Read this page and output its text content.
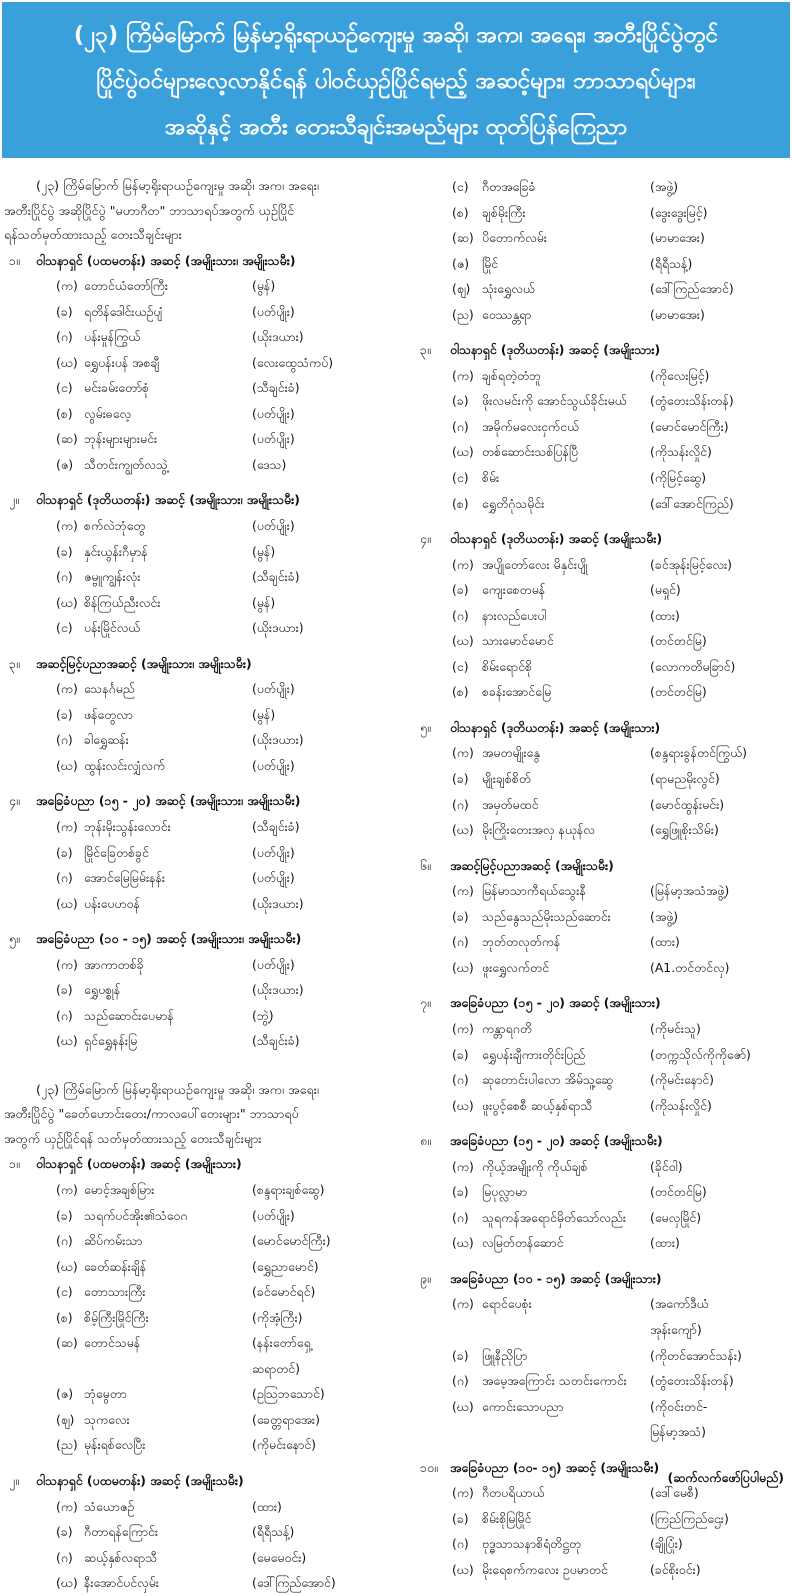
(၂၃) ကြိမ်မြောက် မြန်မာ့ရိုးရာယဉ်ကျေးမှု အဆို၊ အက၊ အရေး၊ အတီးပြိုင်ပွဲတွင်
ပြိုင်ပွဲဝင်များလေ့လာနိုင်ရန် ပါဝင်ယှဉ်ပြိုင်ရမည့် အဆင့်များ၊ ဘာသာရပ်များ၊
အဆိုနှင့် အတီး တေးသီချင်းအမည်များ ထုတ်ပြန်ကြေညာ
(၂၃) ကြိမ်မြောက် မြန်မာ့ရိုးရာယဉ်ကျေးမှု အဆို၊ အက၊ အရေး၊
အတီးပြိုင်ပွဲ အဆိုပြိုင်ပွဲ "မဟာဂီတ" ဘာသာရပ်အတွက် ယှဉ်ပြိုင်
ရန်သတ်မှတ်ထားသည့် တေးသီချင်းများ
၁။ ဝါသနာရှင် (ပထမတန်း) အဆင့် (အမျိုးသား၊ အမျိုးသမီး)
(က) တောင်ယံတော်ကြီး	(မွန်)
(ခ) ရတိန်ဒေါင်းယဉ်ပျံ	(ပတ်ပျိုး)
(ဂ) ပန်းမှုန်ကြွယ်	(ယိုးဒယား)
(ဃ) ရွှေပန်းပန် အစချီ	(လေးထွေသံကပ်)
(င) မင်းခမ်းတော်စုံ	(သီချင်းခံ)
(စ) လွမ်းဓလေ့	(ပတ်ပျိုး)
(ဆ) ဘုန်းများများမင်း	(ပတ်ပျိုး)
(ဇ) သီတင်းကျွတ်လသွဲ့	(ဒေသ)
၂။ ဝါသနာရှင် (ဒုတိယတန်း) အဆင့် (အမျိုးသား၊ အမျိုးသမီး)
(က) စက်လဲဘုံတွေ	(ပတ်ပျိုး)
(ခ) နှင်းယွန်းဂီမှာန်	(မွန်)
(ဂ) ဇမ္ဗူကျွန်းလုံး	(သီချင်းခံ)
(ဃ) စိန်ကြယ်ညီးလင်း	(မွန်)
(င) ပန်းမြိုင်လယ်	(ယိုးဒယား)
၃။ အဆင့်မြင့်ပညာအဆင့် (အမျိုးသား၊ အမျိုးသမီး)
(က) သေနင်္ဂမည်	(ပတ်ပျိုး)
(ခ) ဖန်တွေလာ	(မွန်)
(ဂ) ခါရွှေဆန်း	(ယိုးဒယား)
(ဃ) ထွန်းလင်းလျှံလက်	(ပတ်ပျိုး)
၄။ အခြေခံပညာ (၁၅ - ၂၀) အဆင့် (အမျိုးသား၊ အမျိုးသမီး)
(က) ဘုန်းမိုးသွန်းလောင်း	(သီချင်းခံ)
(ခ) မြိုင်ခြေတစ်ခွင်	(ပတ်ပျိုး)
(ဂ) အောင်မြေမြမ်းနန်း	(ပတ်ပျိုး)
(ဃ) ပန်းပေဟဝန်	(ယိုးဒယား)
၅။ အခြေခံပညာ (၁၀ - ၁၅) အဆင့် (အမျိုးသား၊ အမျိုးသမီး)
(က) အာကာတစ်ခို	(ပတ်ပျိုး)
(ခ) ရွှေပစ္စုန်	(ယိုးဒယား)
(ဂ) သည်ဆောင်းပေမာန်	(ဘွဲ့)
(ဃ) ရှင်ရွှေနန်းမြ	(သီချင်းခံ)
(၂၃) ကြိမ်မြောက် မြန်မာ့ရိုးရာယဉ်ကျေးမှု အဆို၊ အက၊ အရေး၊
အတီးပြိုင်ပွဲ "ခေတ်ဟောင်းတေး/ကာလပေါ်တေးများ" ဘာသာရပ်
အတွက် ယှဉ်ပြိုင်ရန် သတ်မှတ်ထားသည့် တေးသီချင်းများ
၁။ ဝါသနာရှင် (ပထမတန်း) အဆင့် (အမျိုးသား)
(က) မောင့်အချစ်မြား	(စန္ဒရားချစ်ဆွေ)
(ခ) သရက်ပင်အိုး၏သံဝေဂ	(ပတ်ပျိုး)
(ဂ) ဆိပ်ကမ်းသာ	(မောင်မောင်ကြီး)
(ဃ) ခေတ်ဆန်းချိန်	(ရွှေညာမောင်)
(င) တောသားကြီး	(ခင်မောင်ရင်)
(စ) စိမ့်ကြီးမြိုင်ကြီး	(ကိုအံ့ကြီး)
(ဆ) တောင်သမန်	(နန်းတော်ရှေ့
ဆရာတင်)
(ဇ) ဘုံမွေတာ	(ဥဩဘသောင်)
(ဈ) သုကလေး	(ခေတ္တရာအေး)
(ည) မုန်းရစ်လေပြီး	(ကိုမင်းနောင်)
၂။ ဝါသနာရှင် (ပထမတန်း) အဆင့် (အမျိုးသမီး)
(က) သံယောဇဉ်	(ထား)
(ခ) ဂီတာရန်ကြောင်း	(ရီရီသန့်)
(ဂ) ဆယ့်နှစ်လရာသီ	(မေမေဝင်း)
(ဃ) နီးအောင်ပင်လှမ်း	(ဒေါ်ကြည်အောင်)
(င) ဂီတအခြေခံ	(အဖွဲ့)
(စ) ချစ်မိုးကြီး	(ဒွေးဒွေးမြင့်)
(ဆ) ပိတောက်လမ်း	(မာမာအေး)
(ဇ) မြိုင်	(ရီရီသန့်)
(ဈ) သုံးရွှေလယ်	(ဒေါ်ကြည်အောင်)
(ည) ဝေဿန္တရာ	(မာမာအေး)
၃။ ဝါသနာရှင် (ဒုတိယတန်း) အဆင့် (အမျိုးသား)
(က) ချစ်ရတဲ့တံဘူ	(ကိုလေးမြင့်)
(ခ) ဖိုးလမင်းကို အောင်သွယ်ခိုင်းမယ် (တွံတေးသိန်းတန်)
(ဂ) အမိုက်မလေးငှက်ငယ်	(မောင်မောင်ကြီး)
(ဃ) တစ်ဆောင်းသစ်ပြန်ပြီ	(ကိုသန်းလှိုင်)
(င) စိမ်း	(ကိုမြင့်ဆွေ)
(စ) ရွှေတိဂုံသမိုင်း	(ဒေါ်အောင်ကြည်)
၄။ ဝါသနာရှင် (ဒုတိယတန်း) အဆင့် (အမျိုးသမီး)
(က) အပျိုတော်လေး မိနှင်းပျို	(ခင်အုန်းမြင့်လေး)
(ခ) ကျေးစေတမန်	(မရှုင်)
(ဂ) နားလည်ပေးပါ	(ထား)
(ဃ) သားမောင်မောင်	(တင်တင်မြ)
(င) စိမ်းရောင်စို	(လောကတိမခြာင်)
(စ) စခန်းအောင်မြေ	(တင်တင်မြ)
၅။ ဝါသနာရှင် (ဒုတိယတန်း) အဆင့် (အမျိုးသား)
(က) အမတမျိုးနွေ	(စန္ဒရားခွန်တင်ကြွယ်)
(ခ) မျိုးချစ်စိတ်	(ရာမညမိုးလွင်)
(ဂ) အမှတ်မထင်	(မောင်ထွန်းမင်း)
(ဃ) မိုးကြိုးတေးအလှ နယုန်လ	(ရွှေဖြူစိုးသိမ်း)
၆။ အဆင့်မြင့်ပညာအဆင့် (အမျိုးသမီး)
(က) မြန်မာသာကီရယ်သွေးနီ	(မြန်မာ့အသံအဖွဲ့)
(ခ) သည်နွေသည်မိုးသည်ဆောင်း	(အဖွဲ့)
(ဂ) ဘုတ်တလုတ်ကန်	(ထား)
(ဃ) ဖူးရွှေလက်တင်	(A1.တင်တင်လှ)
၇။ အခြေခံပညာ (၁၅ - ၂၀) အဆင့် (အမျိုးသား)
(က) ကန္တာရဂတိ	(ကိုမင်းသူ)
(ခ) ရွှေပန်းချီကားတိုင်းပြည်	(တက္ကသိုလ်ကိုကိုဇော်)
(ဂ) ဆုတောင်းပါလော အိမ်သူ့ဆွေ	(ကိုမင်းနောင်)
(ဃ) ဖူးပွင့်စေစီ ဆယ့်နှစ်ရာသီ	(ကိုသန်းလှိုင်)
၈။ အခြေခံပညာ (၁၅ - ၂၀) အဆင့် (အမျိုးသမီး)
(က) ကိုယ့်အမျိုးကို ကိုယ်ချစ်	(ခိုင်ဝါ)
(ခ) မြပုလ္လာမာ	(တင်တင်မြ)
(ဂ) သူရကန်အရောင်မှိတ်သော်လည်း (မေလှမြိုင်)
(ဃ) လမြတ်တန်ဆောင်	(ထား)
၉။ အခြေခံပညာ (၁၀ - ၁၅) အဆင့် (အမျိုးသား)
(က) ရောင်ပေစုံး	(အကော်ဒီယံ
အုန်းကျော်)
(ခ) ဖြူနီညိုပြာ	(ကိုတင်အောင်သန်း)
(ဂ) အမေ့အကြောင်း သတင်းကောင်း (တွံတေးသိန်းတန်)
(ဃ) ကောင်းသောပညာ	(ကိုဝင်းတင်-
မြန်မာ့အသံ)
၁၀။ အခြေခံပညာ (၁၀- ၁၅) အဆင့် (အမျိုးသမီး)
(က) ဂီတပရိယာယ်	(ဒေါ်မေစီ)
(ခ) စိမ်းစိုမြမြိုင်	(ကြည်ကြည်ဌေး)
(ဂ) ဗုဒ္ဓသာသနာစိရံတိဋ္ဌတု	(ချိုပြုံး)
(ဃ) မိုးရေစက်ကလေး ဥပမာတင်	(ခင်စိုးဝင်း)
(ဆက်လက်ဖော်ပြပါမည်)
